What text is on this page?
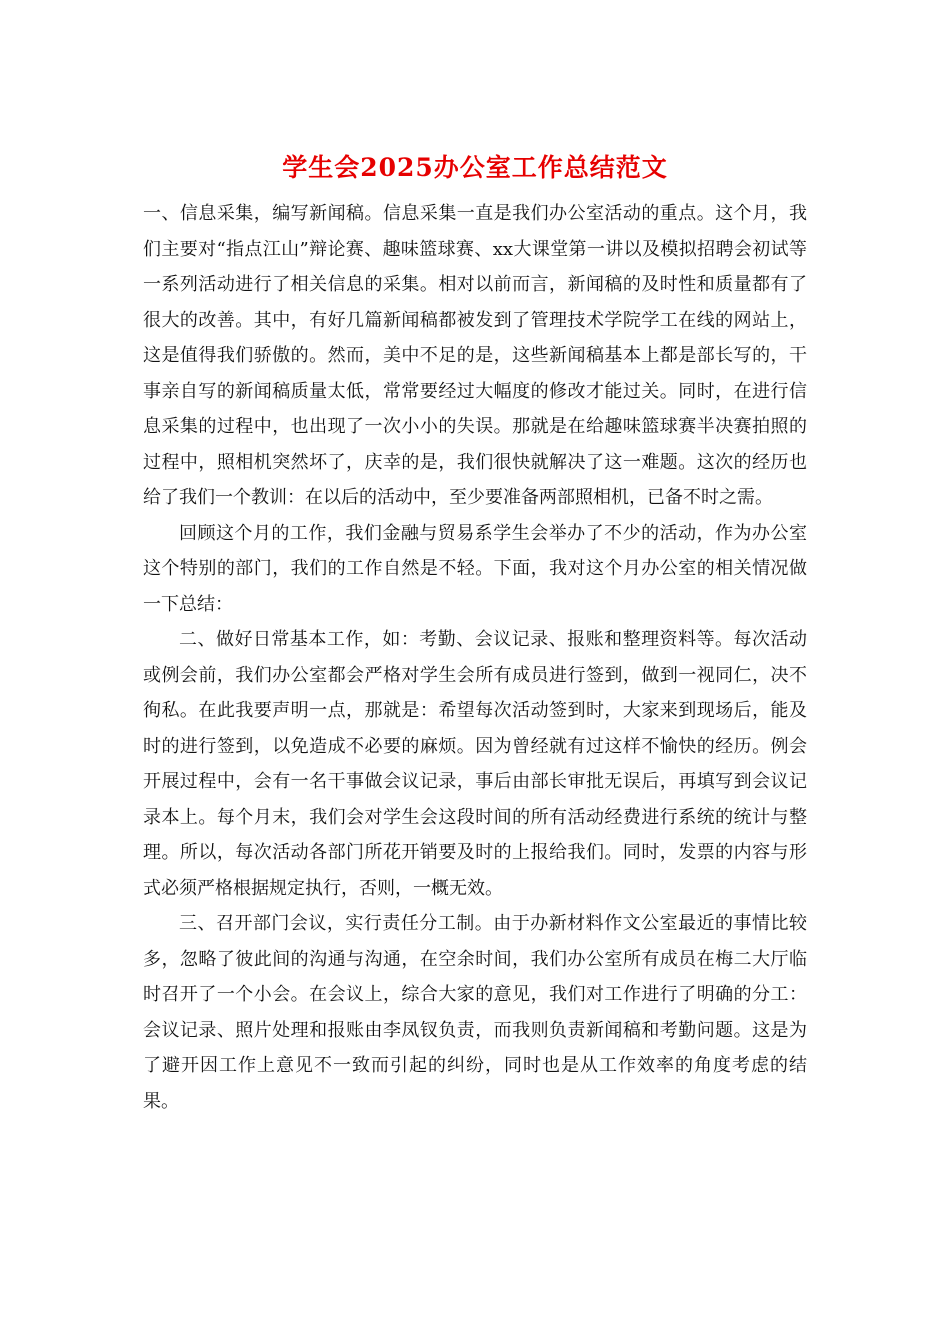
学生会2025办公室工作总结范文

一、信息采集，编写新闻稿。信息采集一直是我们办公室活动的重点。这个月，我们主要对“指点江山”辩论赛、趣味篮球赛、xx大课堂第一讲以及模拟招聘会初试等一系列活动进行了相关信息的采集。相对以前而言，新闻稿的及时性和质量都有了很大的改善。其中，有好几篇新闻稿都被发到了管理技术学院学工在线的网站上，这是值得我们骄傲的。然而，美中不足的是，这些新闻稿基本上都是部长写的，干事亲自写的新闻稿质量太低，常常要经过大幅度的修改才能过关。同时，在进行信息采集的过程中，也出现了一次小小的失误。那就是在给趣味篮球赛半决赛拍照的过程中，照相机突然坏了，庆幸的是，我们很快就解决了这一难题。这次的经历也给了我们一个教训：在以后的活动中，至少要准备两部照相机，已备不时之需。

回顾这个月的工作，我们金融与贸易系学生会举办了不少的活动，作为办公室这个特别的部门，我们的工作自然是不轻。下面，我对这个月办公室的相关情况做一下总结：

二、做好日常基本工作，如：考勤、会议记录、报账和整理资料等。每次活动或例会前，我们办公室都会严格对学生会所有成员进行签到，做到一视同仁，决不徇私。在此我要声明一点，那就是：希望每次活动签到时，大家来到现场后，能及时的进行签到，以免造成不必要的麻烦。因为曾经就有过这样不愉快的经历。例会开展过程中，会有一名干事做会议记录，事后由部长审批无误后，再填写到会议记录本上。每个月末，我们会对学生会这段时间的所有活动经费进行系统的统计与整理。所以，每次活动各部门所花开销要及时的上报给我们。同时，发票的内容与形式必须严格根据规定执行，否则，一概无效。

三、召开部门会议，实行责任分工制。由于办新材料作文公室最近的事情比较多，忽略了彼此间的沟通与沟通，在空余时间，我们办公室所有成员在梅二大厅临时召开了一个小会。在会议上，综合大家的意见，我们对工作进行了明确的分工：会议记录、照片处理和报账由李凤钗负责，而我则负责新闻稿和考勤问题。这是为了避开因工作上意见不一致而引起的纠纷，同时也是从工作效率的角度考虑的结果。
